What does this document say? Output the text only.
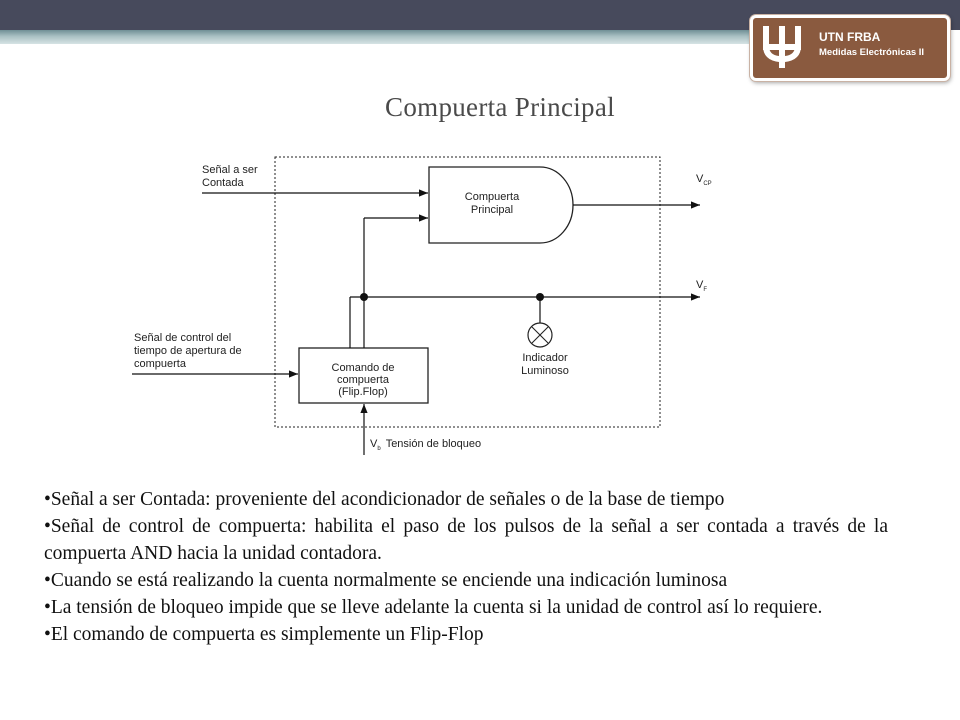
UTN FRBA
Medidas Electrónicas II
Compuerta Principal
Compuerta
Principal
Comando de
compuerta
(Flip.Flop)
Señal a ser
Contada	$V_{CP}$
$V_F$
Indicador
Luminoso
Señal de control del
tiempo de apertura de
compuerta
$V_b$ Tensión de bloqueo
•Señal a ser Contada: proveniente del acondicionador de señales o de la base de tiempo
•Señal de control de compuerta: habilita el paso de los pulsos de la señal a ser contada a través de la compuerta AND hacia la unidad contadora.
•Cuando se está realizando la cuenta normalmente se enciende una indicación luminosa
•La tensión de bloqueo impide que se lleve adelante la cuenta si la unidad de control así lo requiere.
•El comando de compuerta es simplemente un Flip-Flop
